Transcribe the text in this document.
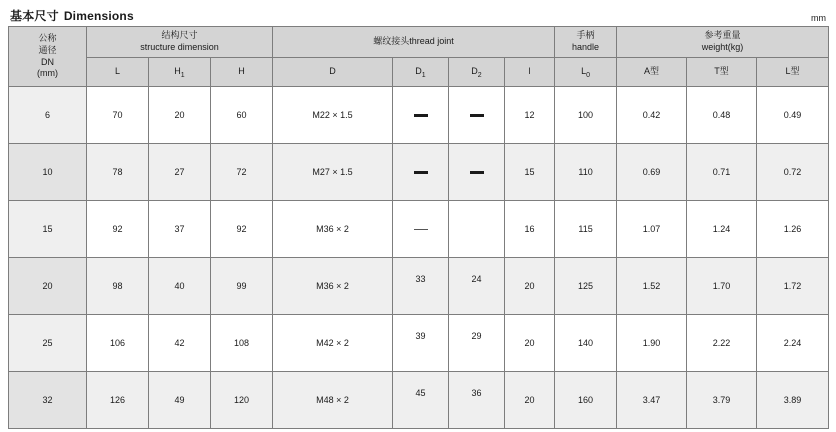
基本尺寸 Dimensions	mm
公称
通径
DN
(mm)

结构尺寸
structure dimension
	螺纹接头thread joint	
手柄
handle

参考重量
weight(kg)

	L	$H_1$	H	D	$D_1$	$D_2$	l	$L_0$	A型	T型	L型
6	70	20	60	M22 × 1.5			12	100	0.42	0.48	0.49
10	78	27	72	M27 × 1.5			15	110	0.69	0.71	0.72
15	92	37	92	M36 × 2			16	115	1.07	1.24	1.26
20	98	40	99	M36 × 2	33	24	20	125	1.52	1.70	1.72
25	106	42	108	M42 × 2	39	29	20	140	1.90	2.22	2.24
32	126	49	120	M48 × 2	45	36	20	160	3.47	3.79	3.89
